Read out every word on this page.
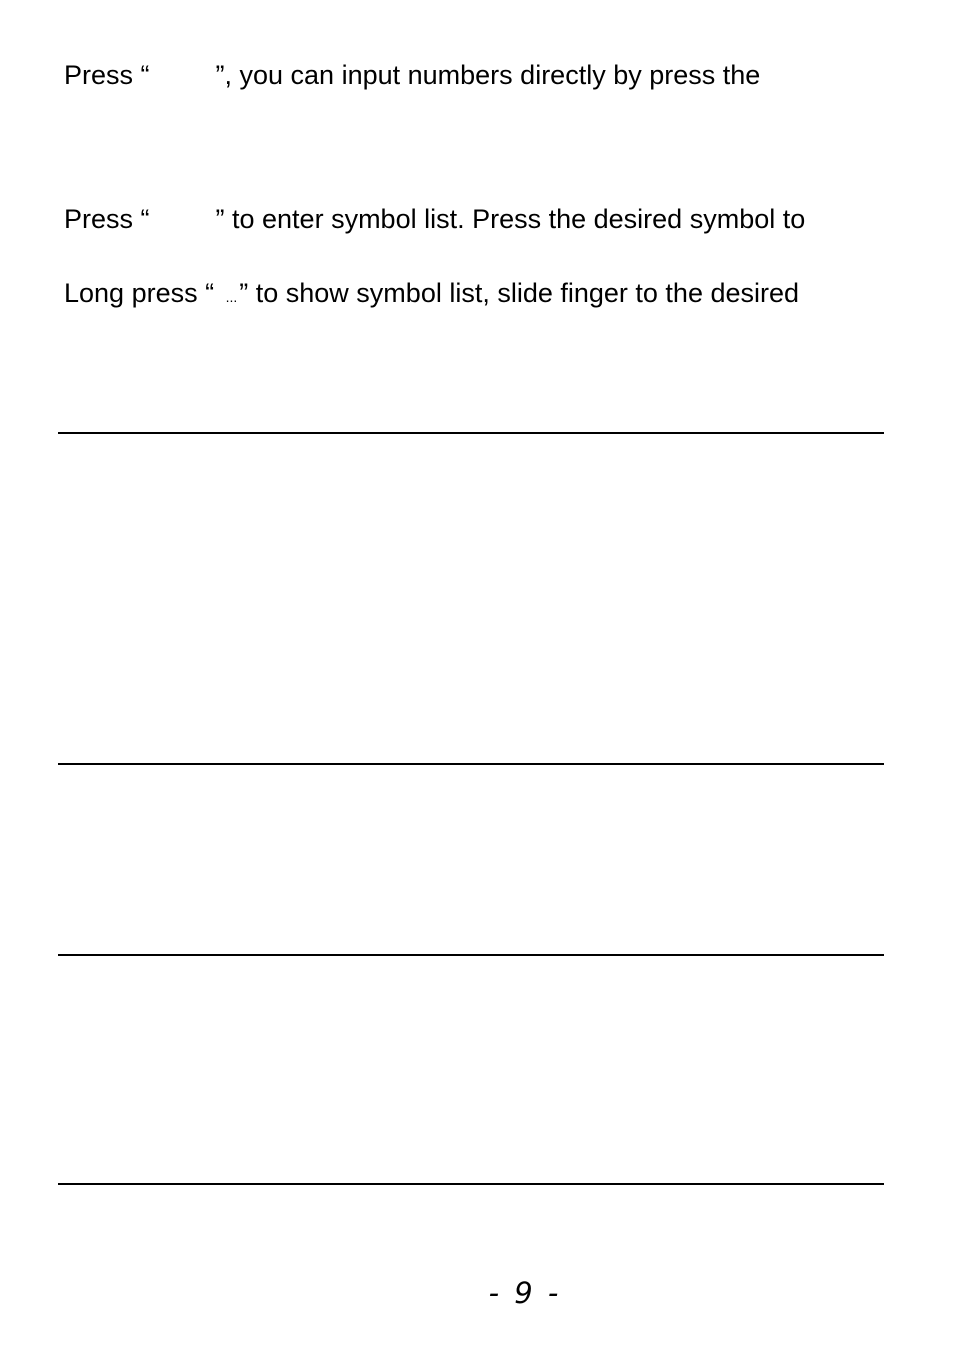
Press “ ”, you can input numbers directly by press the
Press “ ” to enter symbol list. Press the desired symbol to
Long press “ ...” to show symbol list, slide finger to the desired
- 9 -
